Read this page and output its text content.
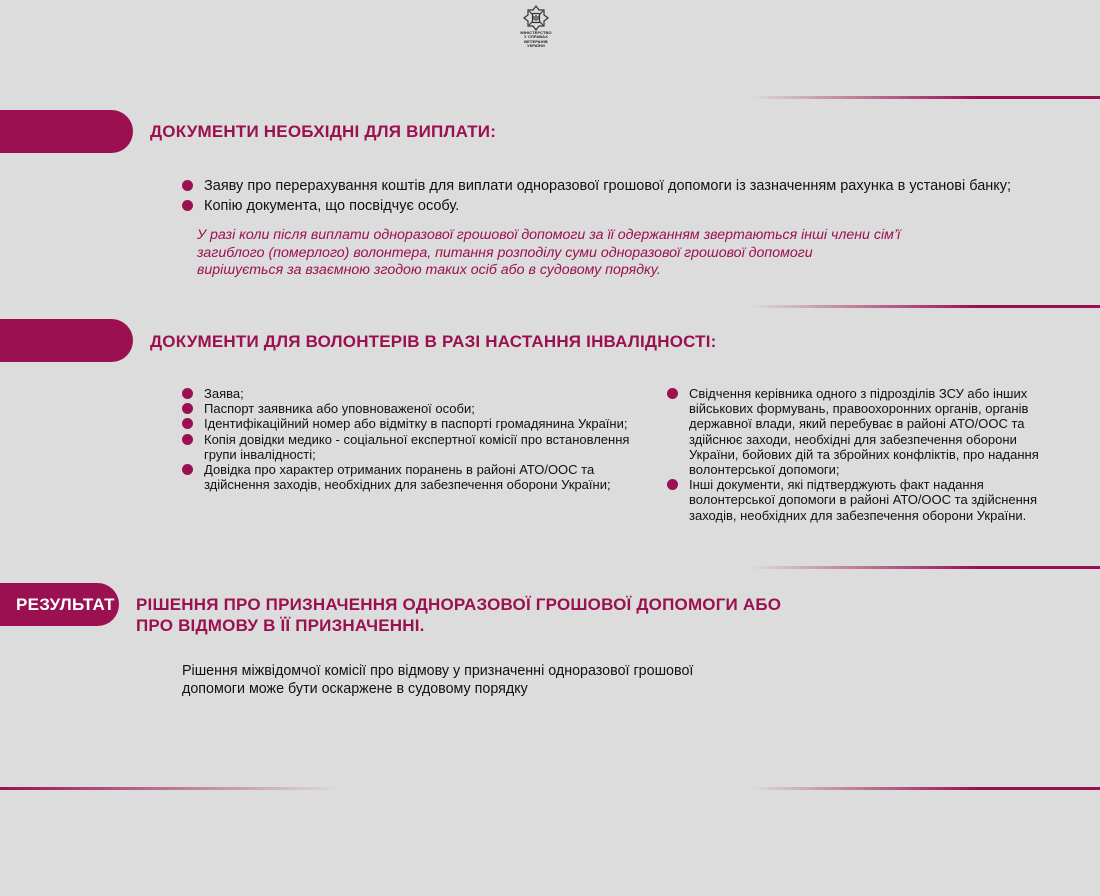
МІНІСТЕРСТВО
У СПРАВАХ
ВЕТЕРАНІВ
УКРАЇНИ
ДОКУМЕНТИ НЕОБХІДНІ ДЛЯ ВИПЛАТИ:
Заяву про перерахування коштів для виплати одноразової грошової допомоги із зазначенням рахунка в установі банку;
Копію документа, що посвідчує особу.
У разі коли після виплати одноразової грошової допомоги за її одержанням звертаються інші члени сім’ї
загиблого (померлого) волонтера, питання розподілу суми одноразової грошової допомоги
вирішується за взаємною згодою таких осіб або в судовому порядку.
ДОКУМЕНТИ ДЛЯ ВОЛОНТЕРІВ В РАЗІ НАСТАННЯ ІНВАЛІДНОСТІ:
Заява;
Паспорт заявника або уповноваженої особи;
Ідентифікаційний номер або відмітку в паспорті громадянина України;
Копія довідки медико - соціальної експертної комісії про встановлення групи інвалідності;
Довідка про характер отриманих поранень в районі АТО/ООС та здійснення заходів, необхідних для забезпечення оборони України;
Свідчення керівника одного з підрозділів ЗСУ або інших військових формувань, правоохоронних органів, органів державної влади, який перебуває в районі АТО/ООС та здійснює заходи, необхідні для забезпечення оборони України, бойових дій та збройних конфліктів, про надання волонтерської допомоги;
Інші документи, які підтверджують факт надання волонтерської допомоги в районі АТО/ООС та здійснення заходів, необхідних для забезпечення оборони України.
РЕЗУЛЬТАТ РІШЕННЯ ПРО ПРИЗНАЧЕННЯ ОДНОРАЗОВОЇ ГРОШОВОЇ ДОПОМОГИ АБО
ПРО ВІДМОВУ В ЇЇ ПРИЗНАЧЕННІ.
Рішення міжвідомчої комісії про відмову у призначенні одноразової грошової
допомоги може бути оскаржене в судовому порядку
